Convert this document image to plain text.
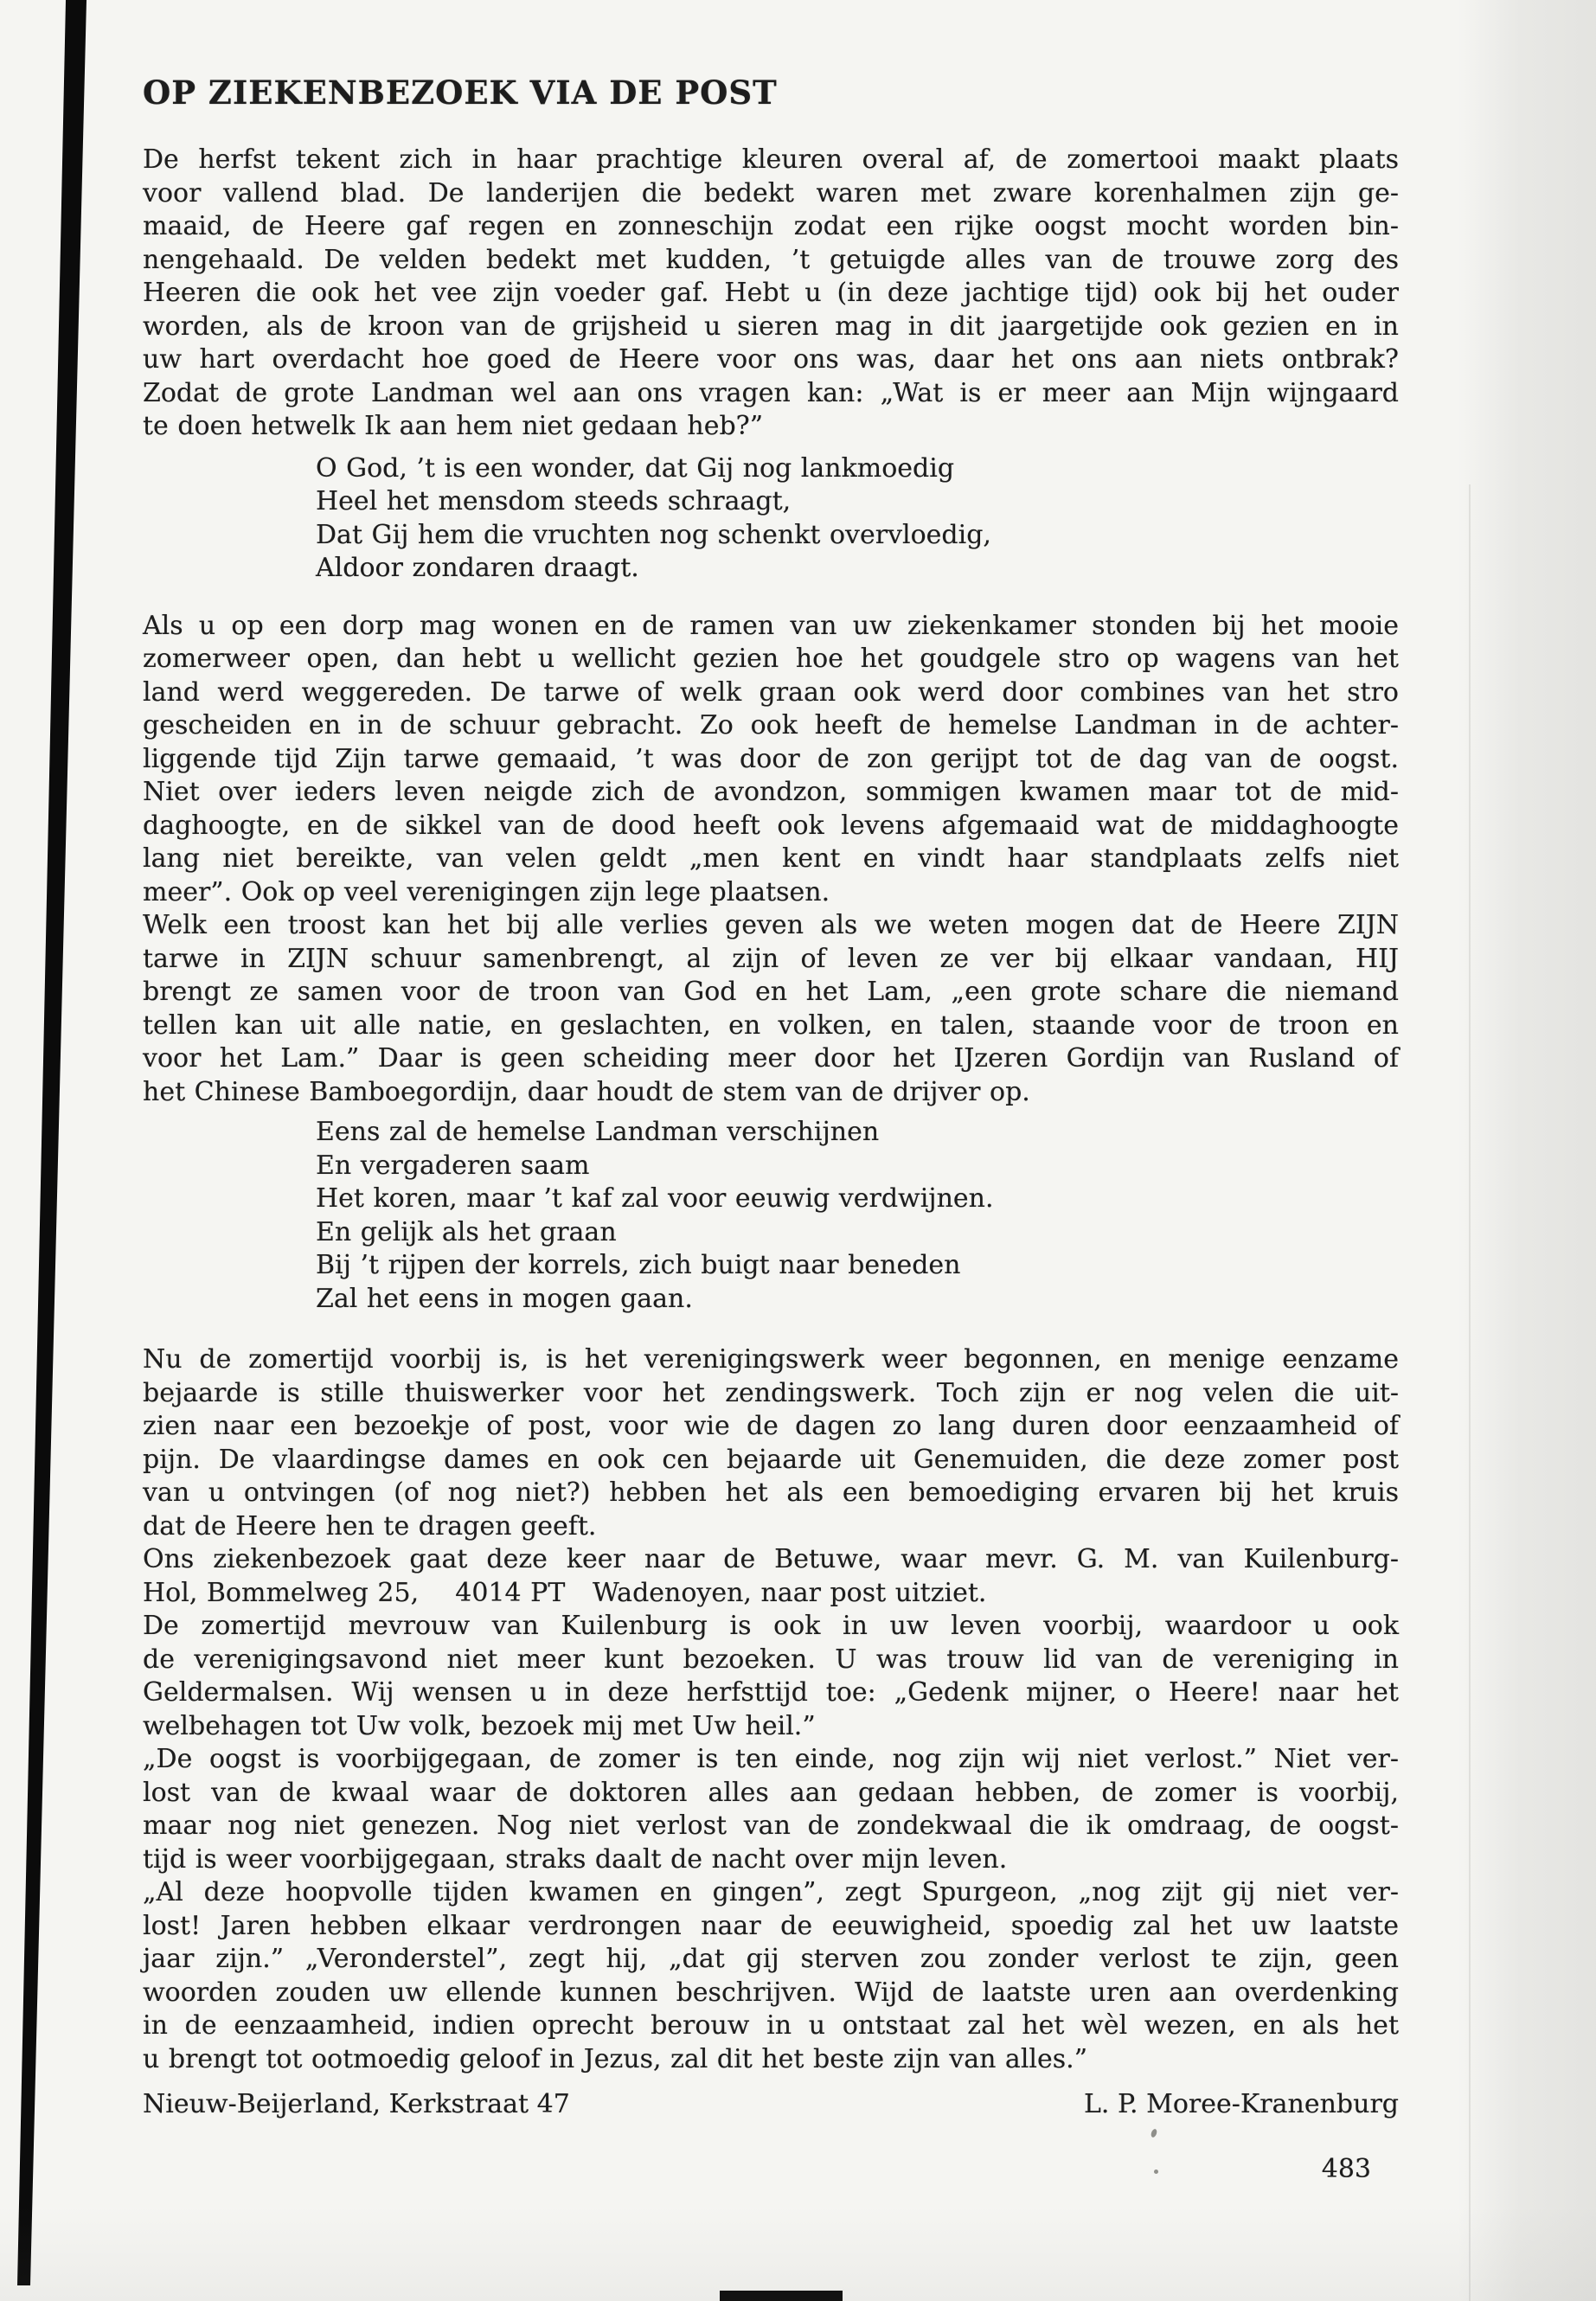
OP ZIEKENBEZOEK VIA DE POST
De herfst tekent zich in haar prachtige kleuren overal af, de zomertooi maakt plaats
voor vallend blad. De landerijen die bedekt waren met zware korenhalmen zijn ge-
maaid, de Heere gaf regen en zonneschijn zodat een rijke oogst mocht worden bin-
nengehaald. De velden bedekt met kudden, ’t getuigde alles van de trouwe zorg des
Heeren die ook het vee zijn voeder gaf. Hebt u (in deze jachtige tijd) ook bij het ouder
worden, als de kroon van de grijsheid u sieren mag in dit jaargetijde ook gezien en in
uw hart overdacht hoe goed de Heere voor ons was, daar het ons aan niets ontbrak?
Zodat de grote Landman wel aan ons vragen kan: „Wat is er meer aan Mijn wijngaard
te doen hetwelk Ik aan hem niet gedaan heb?”
O God, ’t is een wonder, dat Gij nog lankmoedig
Heel het mensdom steeds schraagt,
Dat Gij hem die vruchten nog schenkt overvloedig,
Aldoor zondaren draagt.
Als u op een dorp mag wonen en de ramen van uw ziekenkamer stonden bij het mooie
zomerweer open, dan hebt u wellicht gezien hoe het goudgele stro op wagens van het
land werd weggereden. De tarwe of welk graan ook werd door combines van het stro
gescheiden en in de schuur gebracht. Zo ook heeft de hemelse Landman in de achter-
liggende tijd Zijn tarwe gemaaid, ’t was door de zon gerijpt tot de dag van de oogst.
Niet over ieders leven neigde zich de avondzon, sommigen kwamen maar tot de mid-
daghoogte, en de sikkel van de dood heeft ook levens afgemaaid wat de middaghoogte
lang niet bereikte, van velen geldt „men kent en vindt haar standplaats zelfs niet
meer”. Ook op veel verenigingen zijn lege plaatsen.
Welk een troost kan het bij alle verlies geven als we weten mogen dat de Heere ZIJN
tarwe in ZIJN schuur samenbrengt, al zijn of leven ze ver bij elkaar vandaan, HIJ
brengt ze samen voor de troon van God en het Lam, „een grote schare die niemand
tellen kan uit alle natie, en geslachten, en volken, en talen, staande voor de troon en
voor het Lam.” Daar is geen scheiding meer door het IJzeren Gordijn van Rusland of
het Chinese Bamboegordijn, daar houdt de stem van de drijver op.
Eens zal de hemelse Landman verschijnen
En vergaderen saam
Het koren, maar ’t kaf zal voor eeuwig verdwijnen.
En gelijk als het graan
Bij ’t rijpen der korrels, zich buigt naar beneden
Zal het eens in mogen gaan.
Nu de zomertijd voorbij is, is het verenigingswerk weer begonnen, en menige eenzame
bejaarde is stille thuiswerker voor het zendingswerk. Toch zijn er nog velen die uit-
zien naar een bezoekje of post, voor wie de dagen zo lang duren door eenzaamheid of
pijn. De vlaardingse dames en ook cen bejaarde uit Genemuiden, die deze zomer post
van u ontvingen (of nog niet?) hebben het als een bemoediging ervaren bij het kruis
dat de Heere hen te dragen geeft.
Ons ziekenbezoek gaat deze keer naar de Betuwe, waar mevr. G. M. van Kuilenburg-
Hol, Bommelweg 25,    4014 PT   Wadenoyen, naar post uitziet.
De zomertijd mevrouw van Kuilenburg is ook in uw leven voorbij, waardoor u ook
de verenigingsavond niet meer kunt bezoeken. U was trouw lid van de vereniging in
Geldermalsen. Wij wensen u in deze herfsttijd toe: „Gedenk mijner, o Heere! naar het
welbehagen tot Uw volk, bezoek mij met Uw heil.”
„De oogst is voorbijgegaan, de zomer is ten einde, nog zijn wij niet verlost.” Niet ver-
lost van de kwaal waar de doktoren alles aan gedaan hebben, de zomer is voorbij,
maar nog niet genezen. Nog niet verlost van de zondekwaal die ik omdraag, de oogst-
tijd is weer voorbijgegaan, straks daalt de nacht over mijn leven.
„Al deze hoopvolle tijden kwamen en gingen”, zegt Spurgeon, „nog zijt gij niet ver-
lost! Jaren hebben elkaar verdrongen naar de eeuwigheid, spoedig zal het uw laatste
jaar zijn.” „Veronderstel”, zegt hij, „dat gij sterven zou zonder verlost te zijn, geen
woorden zouden uw ellende kunnen beschrijven. Wijd de laatste uren aan overdenking
in de eenzaamheid, indien oprecht berouw in u ontstaat zal het wèl wezen, en als het
u brengt tot ootmoedig geloof in Jezus, zal dit het beste zijn van alles.”
Nieuw-Beijerland, Kerkstraat 47	L. P. Moree-Kranenburg
483
